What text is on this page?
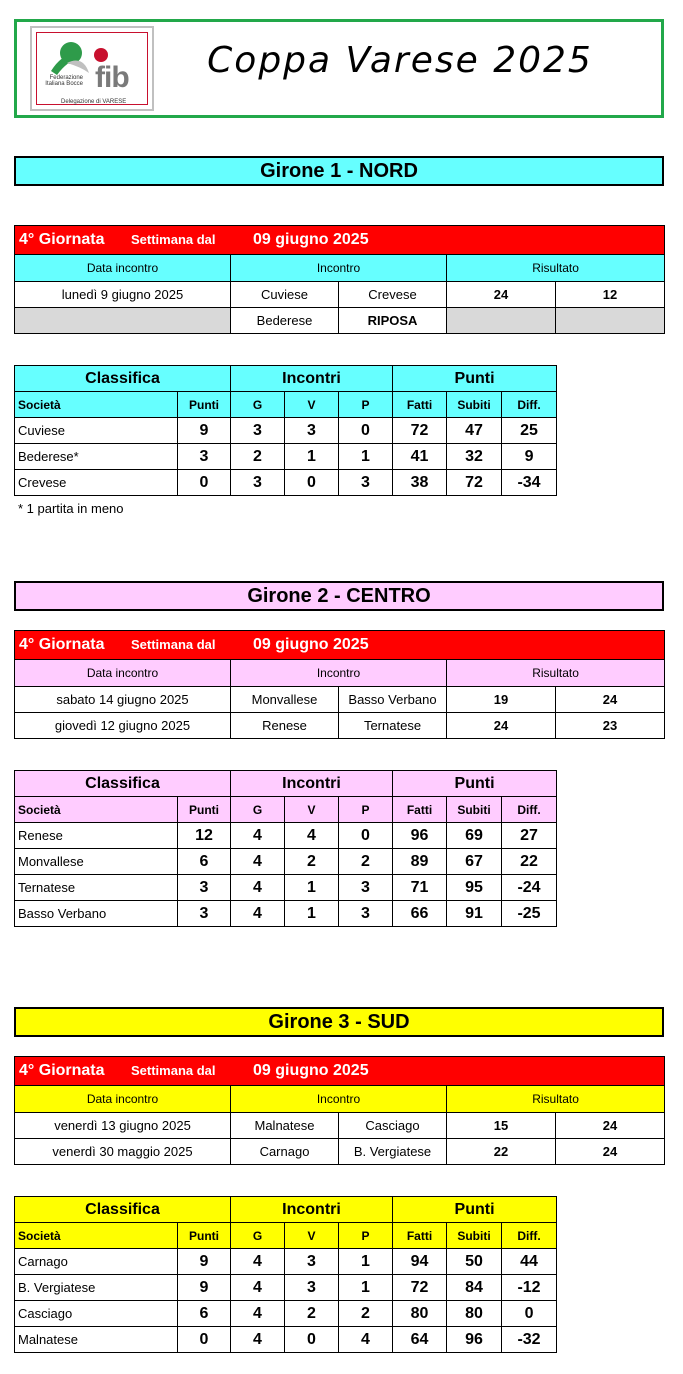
Federazione Italiana Bocce fib
Delegazione di VARESE
Coppa Varese 2025
Girone 1 - NORD
4° Giornata Settimana dal 09 giugno 2025				
Data incontro	Incontro		Risultato	
lunedì 9 giugno 2025	Cuviese	Crevese	24	12
	Bederese	RIPOSA		
Classifica		Incontri			Punti		
Società	Punti	G	V	P	Fatti	Subiti	Diff.
Cuviese	9	3	3	0	72	47	25
Bederese*	3	2	1	1	41	32	9
Crevese	0	3	0	3	38	72	-34
* 1 partita in meno
Girone 2 - CENTRO
4° Giornata Settimana dal 09 giugno 2025				
Data incontro	Incontro		Risultato	
sabato 14 giugno 2025	Monvallese	Basso Verbano	19	24
giovedì 12 giugno 2025	Renese	Ternatese	24	23
Classifica		Incontri			Punti		
Società	Punti	G	V	P	Fatti	Subiti	Diff.
Renese	12	4	4	0	96	69	27
Monvallese	6	4	2	2	89	67	22
Ternatese	3	4	1	3	71	95	-24
Basso Verbano	3	4	1	3	66	91	-25
Girone 3 - SUD
4° Giornata Settimana dal 09 giugno 2025				
Data incontro	Incontro		Risultato	
venerdì 13 giugno 2025	Malnatese	Casciago	15	24
venerdì 30 maggio 2025	Carnago	B. Vergiatese	22	24
Classifica		Incontri			Punti		
Società	Punti	G	V	P	Fatti	Subiti	Diff.
Carnago	9	4	3	1	94	50	44
B. Vergiatese	9	4	3	1	72	84	-12
Casciago	6	4	2	2	80	80	0
Malnatese	0	4	0	4	64	96	-32
